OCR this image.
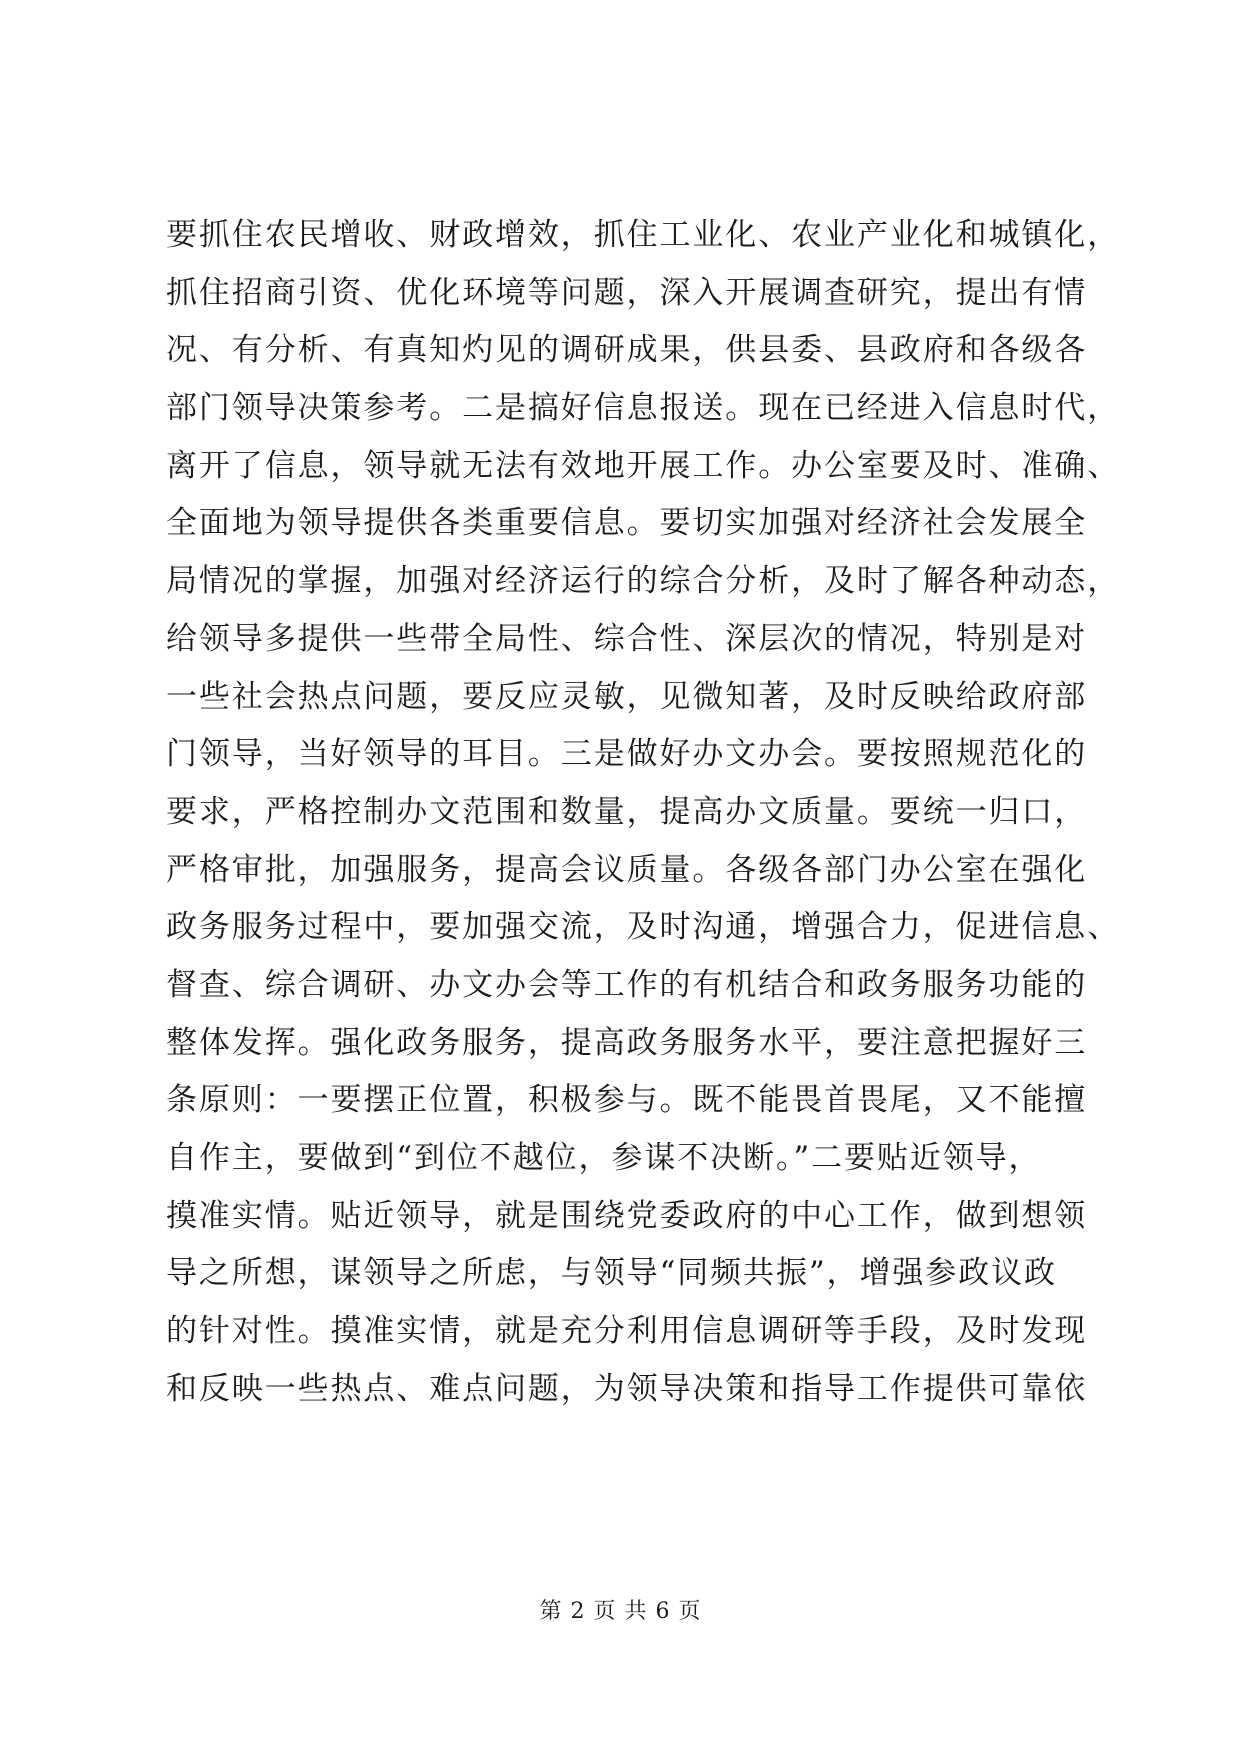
要抓住农民增收、财政增效，抓住工业化、农业产业化和城镇化，
抓住招商引资、优化环境等问题，深入开展调查研究，提出有情
况、有分析、有真知灼见的调研成果，供县委、县政府和各级各
部门领导决策参考。二是搞好信息报送。现在已经进入信息时代，
离开了信息，领导就无法有效地开展工作。办公室要及时、准确、
全面地为领导提供各类重要信息。要切实加强对经济社会发展全
局情况的掌握，加强对经济运行的综合分析，及时了解各种动态，
给领导多提供一些带全局性、综合性、深层次的情况，特别是对
一些社会热点问题，要反应灵敏，见微知著，及时反映给政府部
门领导，当好领导的耳目。三是做好办文办会。要按照规范化的
要求，严格控制办文范围和数量，提高办文质量。要统一归口，
严格审批，加强服务，提高会议质量。各级各部门办公室在强化
政务服务过程中，要加强交流，及时沟通，增强合力，促进信息、
督查、综合调研、办文办会等工作的有机结合和政务服务功能的
整体发挥。强化政务服务，提高政务服务水平，要注意把握好三
条原则：一要摆正位置，积极参与。既不能畏首畏尾，又不能擅
自作主，要做到“到位不越位，参谋不决断。”二要贴近领导，
摸准实情。贴近领导，就是围绕党委政府的中心工作，做到想领
导之所想，谋领导之所虑，与领导“同频共振”，增强参政议政
的针对性。摸准实情，就是充分利用信息调研等手段，及时发现
和反映一些热点、难点问题，为领导决策和指导工作提供可靠依
第 2 页 共 6 页
